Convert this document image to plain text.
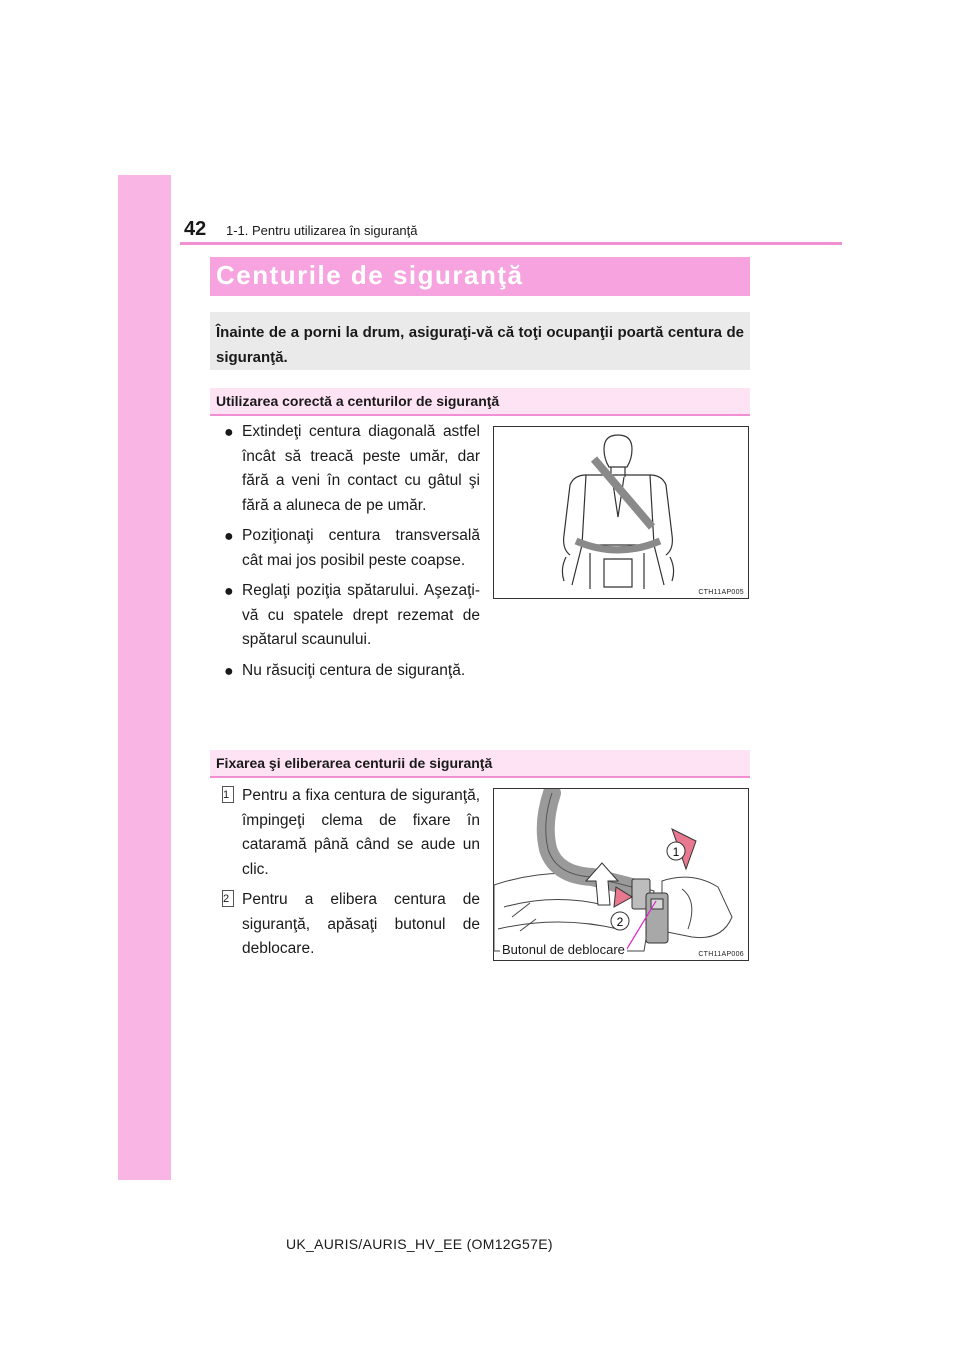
42 1-1. Pentru utilizarea în siguranţă
Centurile de siguranţă
Înainte de a porni la drum, asiguraţi-vă că toţi ocupanţii poartă centura de siguranţă.
Utilizarea corectă a centurilor de siguranţă
● Extindeţi centura diagonală astfel încât să treacă peste umăr, dar fără a veni în contact cu gâtul şi fără a aluneca de pe umăr.
● Poziţionaţi centura transversală cât mai jos posibil peste coapse.
● Reglaţi poziţia spătarului. Aşezaţi-vă cu spatele drept rezemat de spătarul scaunului.
● Nu răsuciţi centura de siguranţă.
CTH11AP005
Fixarea şi eliberarea centurii de siguranţă
1 Pentru a fixa centura de siguranţă, împingeţi clema de fixare în cataramă până când se aude un clic.
2 Pentru a elibera centura de siguranţă, apăsaţi butonul de deblocare.
1
2
Butonul de deblocare	CTH11AP006
UK_AURIS/AURIS_HV_EE (OM12G57E)
